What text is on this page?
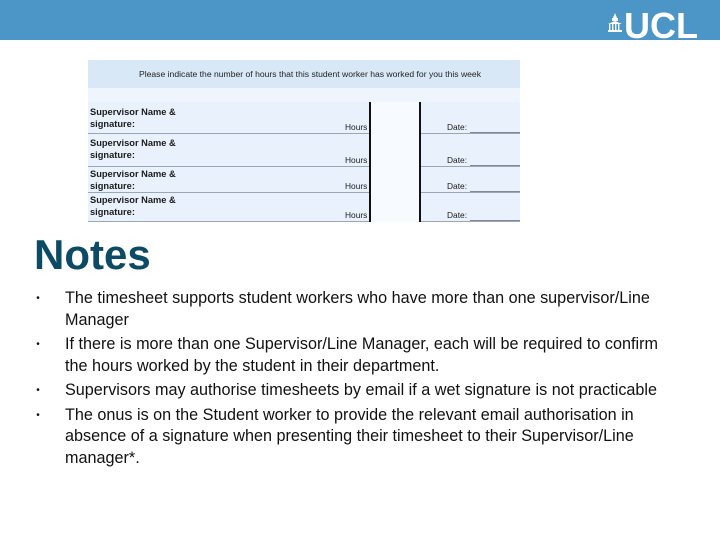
UCL
Please indicate the number of hours that this student worker has worked for you this week
Supervisor Name &
signature:	Hours	Date:
Supervisor Name &
signature:	Hours	Date:
Supervisor Name &
signature:	Hours	Date:
Supervisor Name &
signature:	Hours	Date:
Notes
• The timesheet supports student workers who have more than one supervisor/Line Manager
• If there is more than one Supervisor/Line Manager, each will be required to confirm the hours worked by the student in their department.
• Supervisors may authorise timesheets by email if a wet signature is not practicable
• The onus is on the Student worker to provide the relevant email authorisation in absence of a signature when presenting their timesheet to their Supervisor/Line manager*.
